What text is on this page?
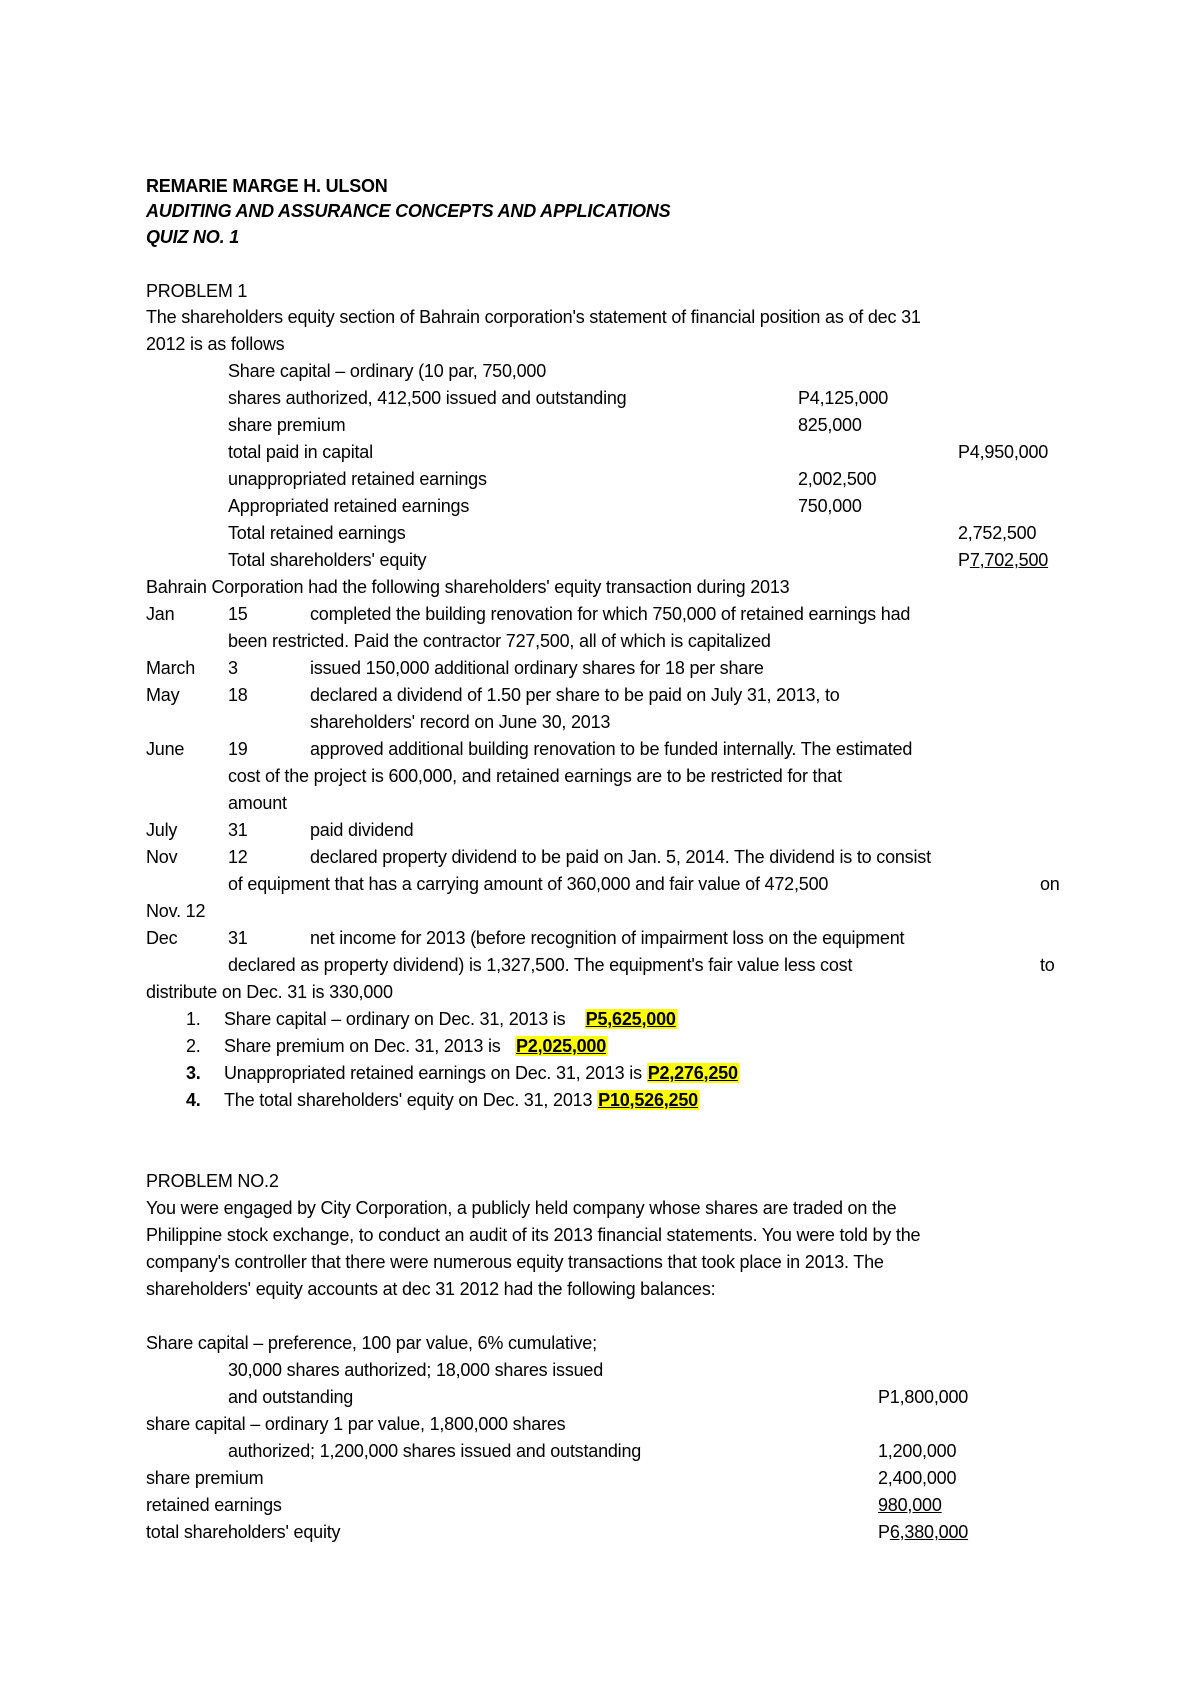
REMARIE MARGE H. ULSON
AUDITING AND ASSURANCE CONCEPTS AND APPLICATIONS
QUIZ NO. 1
PROBLEM 1
The shareholders equity section of Bahrain corporation's statement of financial position as of dec 31
2012 is as follows
Share capital – ordinary (10 par, 750,000
shares authorized, 412,500 issued and outstanding	P4,125,000
share premium	825,000
total paid in capital	P4,950,000
unappropriated retained earnings	2,002,500
Appropriated retained earnings	750,000
Total retained earnings	2,752,500
Total shareholders' equity	P7,702,500
Bahrain Corporation had the following shareholders' equity transaction during 2013
Jan	15	completed the building renovation for which 750,000 of retained earnings had
been restricted. Paid the contractor 727,500, all of which is capitalized
March 3	issued 150,000 additional ordinary shares for 18 per share
May	18	declared a dividend of 1.50 per share to be paid on July 31, 2013, to
shareholders' record on June 30, 2013
June 19	approved additional building renovation to be funded internally. The estimated
cost of the project is 600,000, and retained earnings are to be restricted for that
amount
July	31	paid dividend
Nov	12	declared property dividend to be paid on Jan. 5, 2014. The dividend is to consist
of equipment that has a carrying amount of 360,000 and fair value of 472,500	on
Nov. 12
Dec	31	net income for 2013 (before recognition of impairment loss on the equipment
declared as property dividend) is 1,327,500. The equipment's fair value less cost	to
distribute on Dec. 31 is 330,000
1. Share capital – ordinary on Dec. 31, 2013 is P5,625,000
2. Share premium on Dec. 31, 2013 is P2,025,000
3. Unappropriated retained earnings on Dec. 31, 2013 is P2,276,250
4. The total shareholders' equity on Dec. 31, 2013 P10,526,250
PROBLEM NO.2
You were engaged by City Corporation, a publicly held company whose shares are traded on the
Philippine stock exchange, to conduct an audit of its 2013 financial statements. You were told by the
company's controller that there were numerous equity transactions that took place in 2013. The
shareholders' equity accounts at dec 31 2012 had the following balances:
Share capital – preference, 100 par value, 6% cumulative;
30,000 shares authorized; 18,000 shares issued
and outstanding	P1,800,000
share capital – ordinary 1 par value, 1,800,000 shares
authorized; 1,200,000 shares issued and outstanding	1,200,000
share premium	2,400,000
retained earnings	980,000
total shareholders' equity	P6,380,000
